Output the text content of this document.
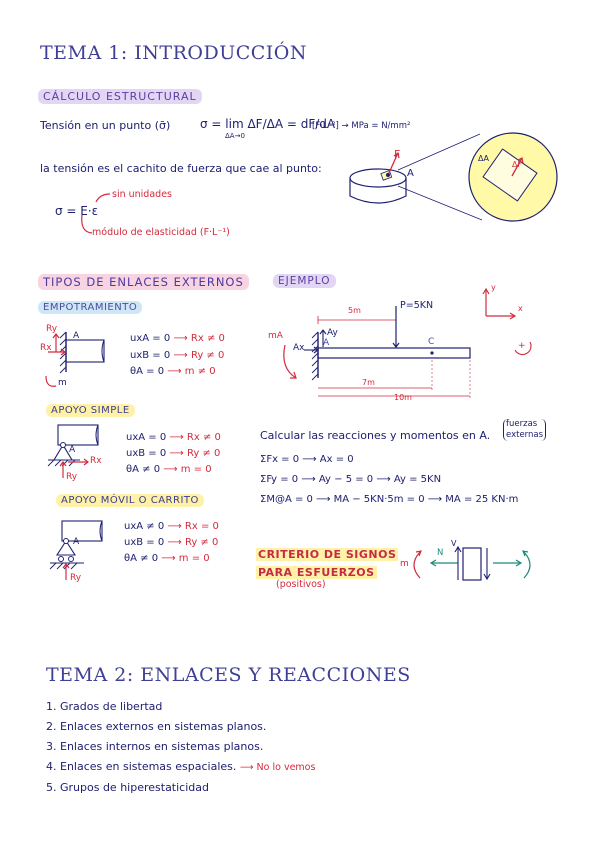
TEMA 1: INTRODUCCIÓN
CÁLCULO ESTRUCTURAL
Tensión en un punto (σ̄) σ = lim ΔF/ΔA = dF/dA
ΔA→0
[F·L⁻²] → MPa = N/mm²
la tensión es el cachito de fuerza que cae al punto:
σ = E·ε
sin unidades
módulo de elasticidad (F·L⁻¹)
F
A
ΔA
ΔF
TIPOS DE ENLACES EXTERNOS
EMPOTRAMIENTO
Ry
Rx
A
m
uxA = 0 ⟶ Rx ≠ 0
uxB = 0 ⟶ Ry ≠ 0
θA = 0 ⟶ m ≠ 0
APOYO SIMPLE
A
Rx
Ry
uxA = 0 ⟶ Rx ≠ 0
uxB = 0 ⟶ Ry ≠ 0
θA ≠ 0 ⟶ m = 0
APOYO MÓVIL O CARRITO
A
Ry
uxA ≠ 0 ⟶ Rx = 0
uxB = 0 ⟶ Ry ≠ 0
θA ≠ 0 ⟶ m = 0
EJEMPLO
5m	P=5KN
7m
10m
mA
Ax
Ay
A	C
y
x
+
Calcular las reacciones y momentos en A.
fuerzas
externas
ΣFx = 0 ⟶ Ax = 0
ΣFy = 0 ⟶ Ay − 5 = 0 ⟶ Ay = 5KN
ΣM@A = 0 ⟶ MA − 5KN·5m = 0 ⟶ MA = 25 KN·m
CRITERIO DE SIGNOS
PARA ESFUERZOS
(positivos)
N
V
m
TEMA 2: ENLACES Y REACCIONES
1. Grados de libertad
2. Enlaces externos en sistemas planos.
3. Enlaces internos en sistemas planos.
4. Enlaces en sistemas espaciales. ⟶ No lo vemos
5. Grupos de hiperestaticidad
